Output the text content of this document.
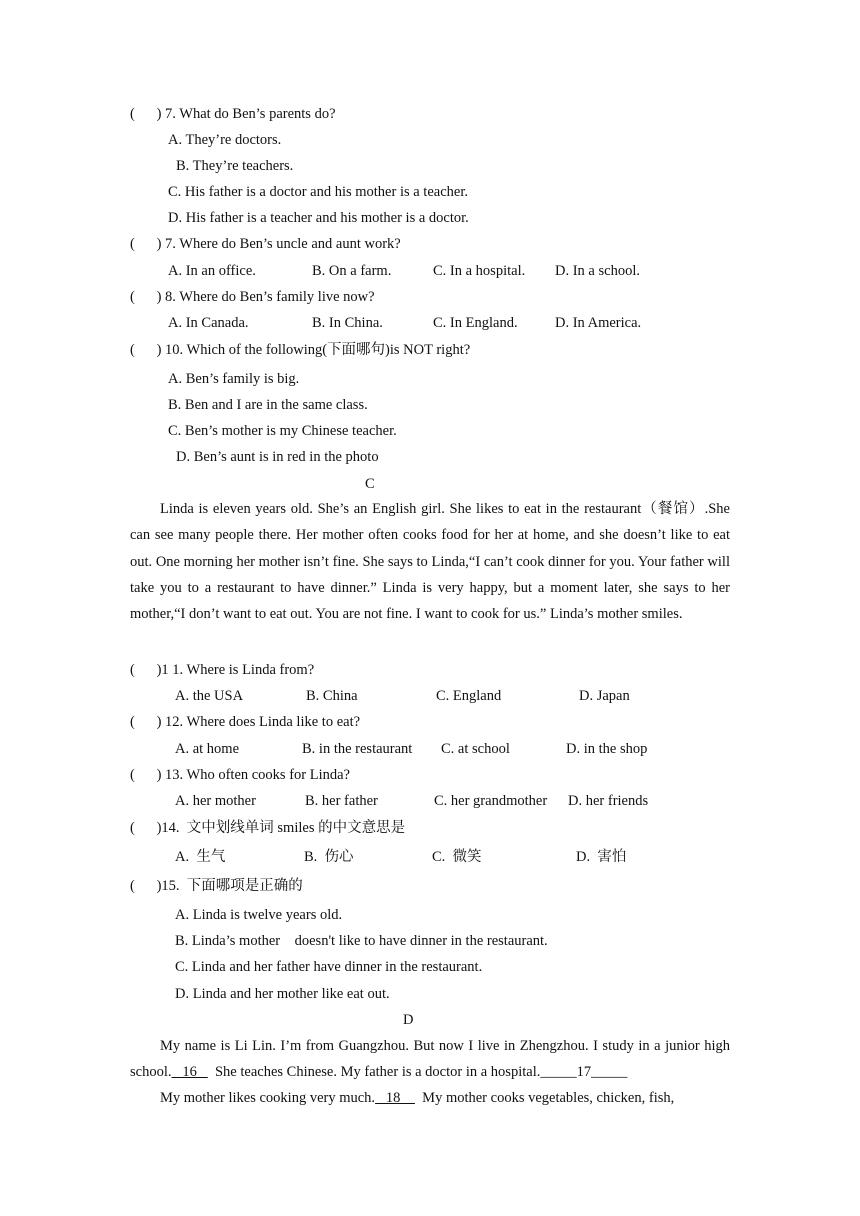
(      ) 7. What do Ben’s parents do?
A. They’re doctors.
B. They’re teachers.
C. His father is a doctor and his mother is a teacher.
D. His father is a teacher and his mother is a doctor.
(      ) 7. Where do Ben’s uncle and aunt work?
A. In an office.	B. On a farm.	C. In a hospital. D. In a school.
(      ) 8. Where do Ben’s family live now?
A. In Canada.	B. In China.	C. In England.	D. In America.
(      ) 10. Which of the following(下面哪句)is NOT right?
A. Ben’s family is big.
B. Ben and I are in the same class.
C. Ben’s mother is my Chinese teacher.
D. Ben’s aunt is in red in the photo
C
Linda is eleven years old. She’s an English girl. She likes to eat in the restaurant（餐馆）.She can see many people there. Her mother often cooks food for her at home, and she doesn’t like to eat out. One morning her mother isn’t fine. She says to Linda,“I can’t cook dinner for you. Your father will take you to a restaurant to have dinner.” Linda is very happy, but a moment later, she says to her mother,“I don’t want to eat out. You are not fine. I want to cook for us.” Linda’s mother smiles.
(      )1 1. Where is Linda from?
A. the USA	B. China	C. England	D. Japan
(      ) 12. Where does Linda like to eat?
A. at home	B. in the restaurant C. at school	D. in the shop
(      ) 13. Who often cooks for Linda?
A. her mother	B. her father	C. her grandmother D. her friends
(      )14.  文中划线单词 smiles 的中文意思是
A.  生气	B.  伤心	C.  微笑	D.  害怕
(      )15.  下面哪项是正确的
A. Linda is twelve years old.
B. Linda’s mother    doesn't like to have dinner in the restaurant.
C. Linda and her father have dinner in the restaurant.
D. Linda and her mother like eat out.
D
My name is Li Lin. I’m from Guangzhou. But now I live in Zhengzhou. I study in a junior high school.   16     She teaches Chinese. My father is a doctor in a hospital._____17_____
My mother likes cooking very much.   18      My mother cooks vegetables, chicken, fish,
